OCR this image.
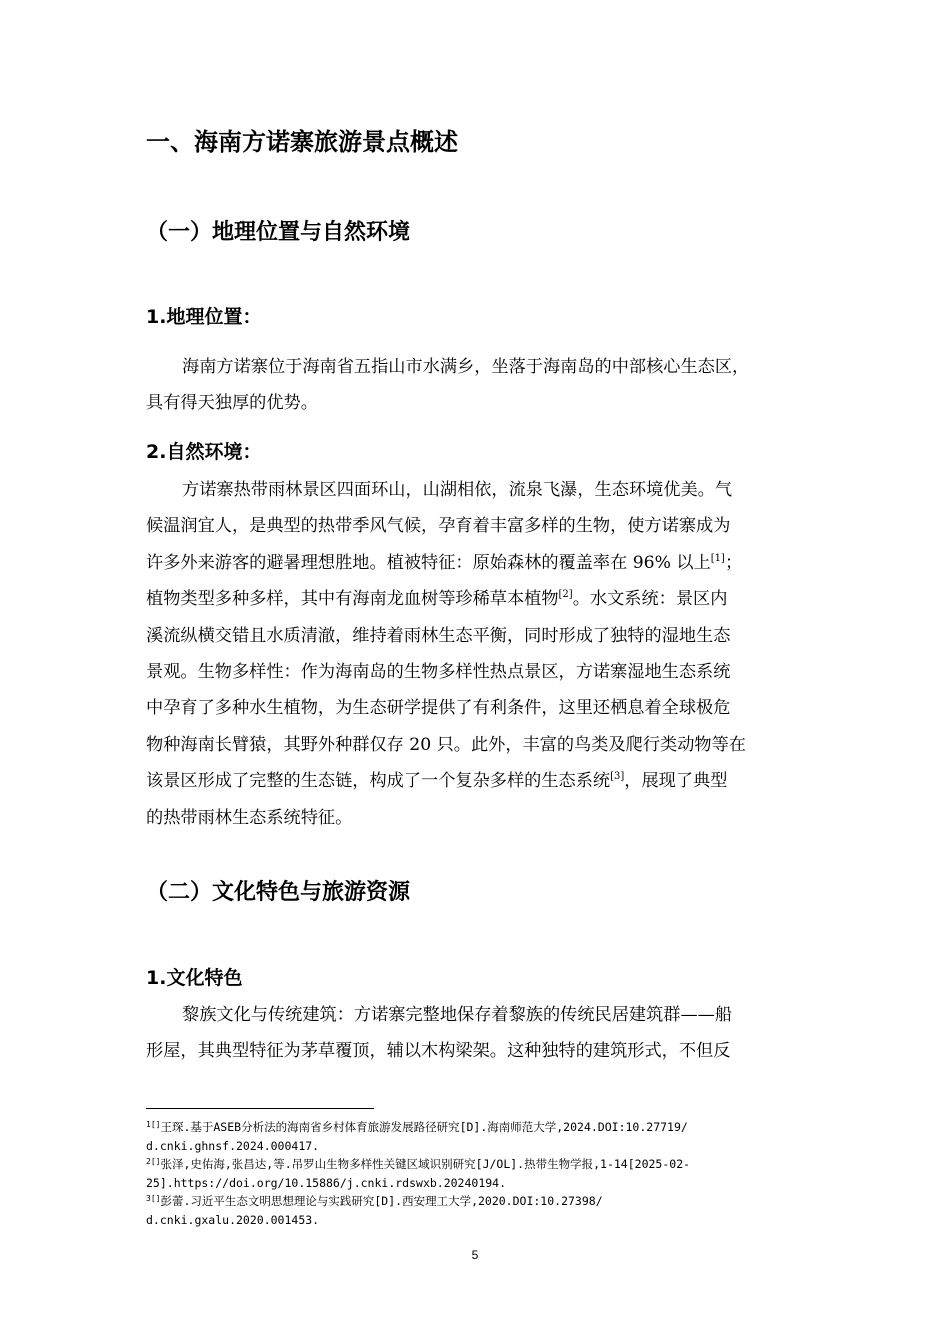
一、海南方诺寨旅游景点概述
（一）地理位置与自然环境
1.地理位置：
海南方诺寨位于海南省五指山市水满乡，坐落于海南岛的中部核心生态区，
具有得天独厚的优势。
2.自然环境：
方诺寨热带雨林景区四面环山，山湖相依，流泉飞瀑，生态环境优美。气
候温润宜人，是典型的热带季风气候，孕育着丰富多样的生物，使方诺寨成为
许多外来游客的避暑理想胜地。植被特征：原始森林的覆盖率在 96% 以上[1]；
植物类型多种多样，其中有海南龙血树等珍稀草本植物[2]。水文系统：景区内
溪流纵横交错且水质清澈，维持着雨林生态平衡，同时形成了独特的湿地生态
景观。生物多样性：作为海南岛的生物多样性热点景区，方诺寨湿地生态系统
中孕育了多种水生植物，为生态研学提供了有利条件，这里还栖息着全球极危
物种海南长臂猿，其野外种群仅存 20 只。此外，丰富的鸟类及爬行类动物等在
该景区形成了完整的生态链，构成了一个复杂多样的生态系统[3]，展现了典型
的热带雨林生态系统特征。
（二）文化特色与旅游资源
1.文化特色
黎族文化与传统建筑：方诺寨完整地保存着黎族的传统民居建筑群——船
形屋，其典型特征为茅草覆顶，辅以木构梁架。这种独特的建筑形式，不但反
$^{1[]}$王琛.基于ASEB分析法的海南省乡村体育旅游发展路径研究[D].海南师范大学,2024.DOI:10.27719/
d.cnki.ghnsf.2024.000417.
$^{2[]}$张泽,史佑海,张昌达,等.吊罗山生物多样性关键区域识别研究[J/OL].热带生物学报,1-14[2025-02-
25].https://doi.org/10.15886/j.cnki.rdswxb.20240194.
$^{3[]}$彭蕾.习近平生态文明思想理论与实践研究[D].西安理工大学,2020.DOI:10.27398/
d.cnki.gxalu.2020.001453.
5
